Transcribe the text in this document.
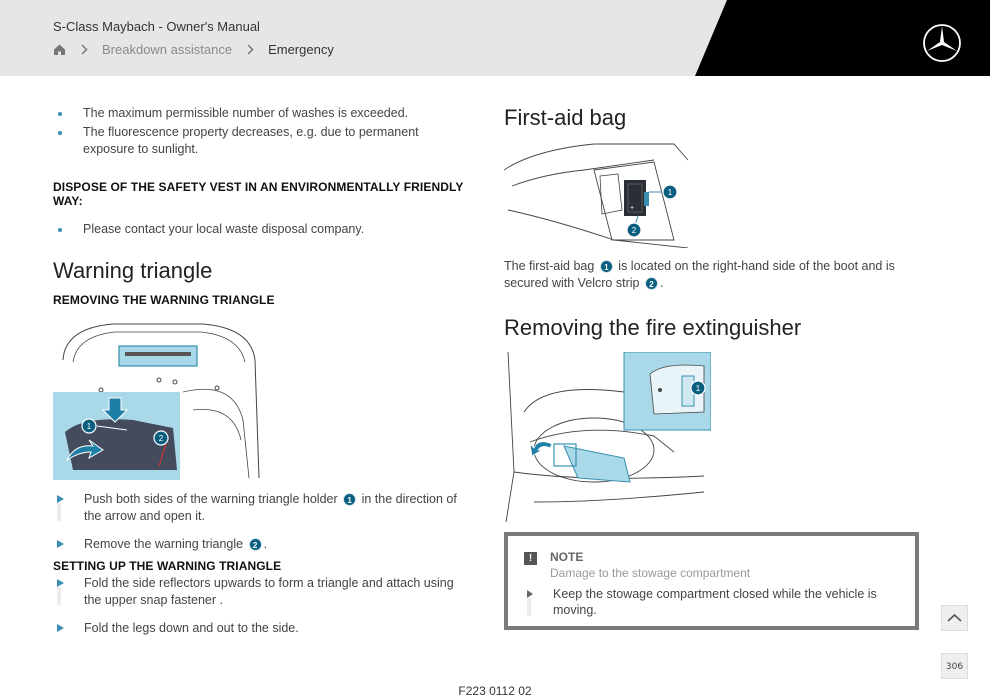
S-Class Maybach - Owner's Manual
Breakdown assistance	Emergency
The maximum permissible number of washes is exceeded.
The fluorescence property decreases, e.g. due to permanent exposure to sunlight.
DISPOSE OF THE SAFETY VEST IN AN ENVIRONMENTALLY FRIENDLY WAY:
Please contact your local waste disposal company.
Warning triangle
REMOVING THE WARNING TRIANGLE
1
2
Push both sides of the warning triangle holder 1 in the direction of the arrow and open it.
Remove the warning triangle 2 .
SETTING UP THE WARNING TRIANGLE
Fold the side reflectors upwards to form a triangle and attach using the upper snap fastener .
Fold the legs down and out to the side.
First-aid bag
+
1
2
The first-aid bag 1 is located on the right-hand side of the boot and is secured with Velcro strip 2 .
Removing the fire extinguisher
1
!	NOTE
Damage to the stowage compartment
Keep the stowage compartment closed while the vehicle is moving.
306
F223 0112 02
